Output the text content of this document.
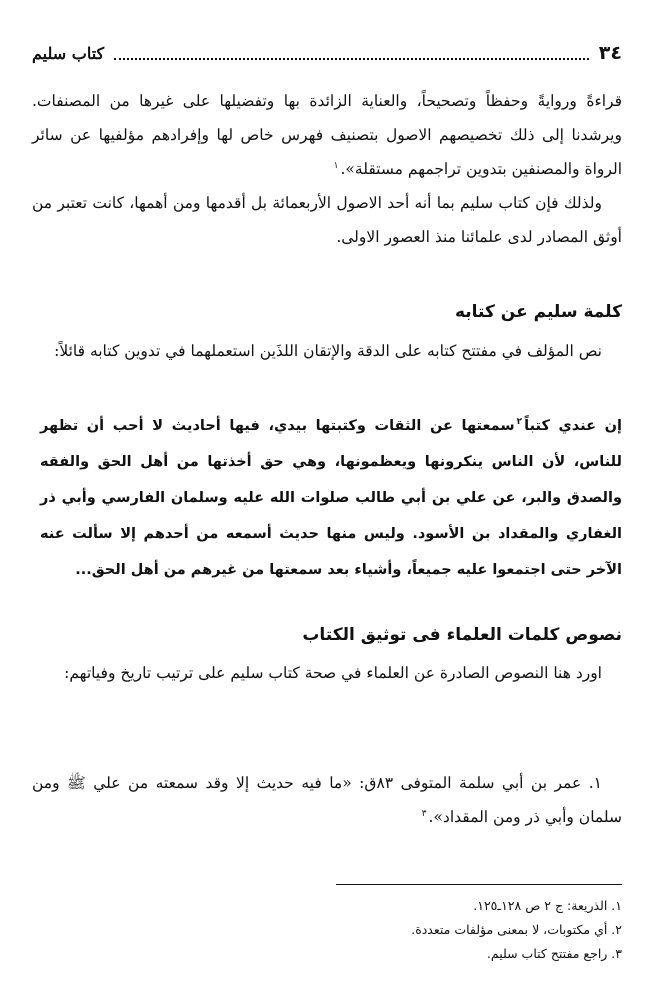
٣٤
كتاب سليم

قراءةً وروايةً وحفظاً وتصحيحاً، والعناية الزائدة بها وتفضيلها على غيرها من المصنفات. ويرشدنا إلى ذلك تخصيصهم الاصول بتصنيف فهرس خاص لها وإفرادهم مؤلفيها عن سائر الرواة والمصنفين بتدوين تراجمهم مستقلة».$^١$

ولذلك فإن كتاب سليم بما أنه أحد الاصول الأربعمائة بل أقدمها ومن أهمها، كانت تعتبر من أوثق المصادر لدى علمائنا منذ العصور الاولى.

كلمة سليم عن كتابه

نص المؤلف في مفتتح كتابه على الدقة والإتقان اللذَين استعملهما في تدوين كتابه قائلاً:

إن عندي كتباً$^٢$سمعتها عن الثقات وكتبتها بيدي، فيها أحاديث لا أحب أن تظهر للناس، لأن الناس ينكرونها ويعظمونها، وهي حق أخذتها من أهل الحق والفقه والصدق والبر، عن علي بن أبي طالب صلوات الله عليه وسلمان الفارسي وأبي ذر الغفاري والمقداد بن الأسود. وليس منها حديث أسمعه من أحدهم إلا سألت عنه الآخر حتى اجتمعوا عليه جميعاً، وأشياء بعد سمعتها من غيرهم من أهل الحق...

نصوص كلمات العلماء فى توثيق الكتاب

اورد هنا النصوص الصادرة عن العلماء في صحة كتاب سليم على ترتيب تاريخ وفياتهم:

١. عمر بن أبي سلمة المتوفى ٨٣ق: «ما فيه حديث إلا وقد سمعته من علي ﷺ ومن سلمان وأبي ذر ومن المقداد».$^٣$

١. الذريعة: ج ٢ ص ١٢٨ـ١٢٥.

٢. أي مكتوبات، لا بمعنى مؤلفات متعددة.

٣. راجع مفتتح كتاب سليم.
